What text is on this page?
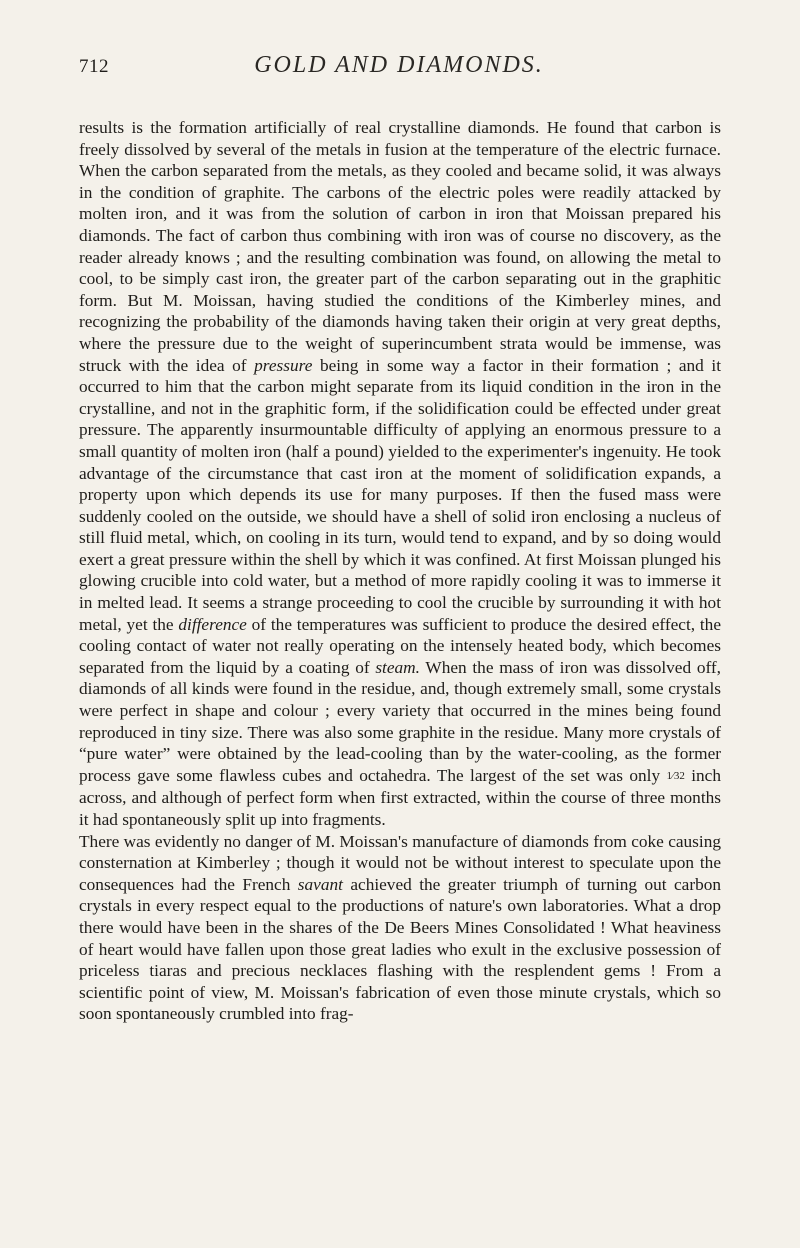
712	GOLD AND DIAMONDS.

results is the formation artificially of real crystalline diamonds. He found that carbon is freely dissolved by several of the metals in fusion at the temperature of the electric furnace. When the carbon separated from the metals, as they cooled and became solid, it was always in the condition of graphite. The carbons of the electric poles were readily attacked by molten iron, and it was from the solution of carbon in iron that Moissan prepared his diamonds. The fact of carbon thus combining with iron was of course no discovery, as the reader already knows ; and the resulting combination was found, on allowing the metal to cool, to be simply cast iron, the greater part of the carbon separating out in the graphitic form. But M. Moissan, having studied the conditions of the Kimberley mines, and recognizing the probability of the diamonds having taken their origin at very great depths, where the pressure due to the weight of superincumbent strata would be immense, was struck with the idea of pressure being in some way a factor in their formation ; and it occurred to him that the carbon might separate from its liquid condition in the iron in the crystalline, and not in the graphitic form, if the solidification could be effected under great pressure. The apparently insurmountable difficulty of applying an enormous pressure to a small quantity of molten iron (half a pound) yielded to the experimenter's ingenuity. He took advantage of the circumstance that cast iron at the moment of solidification expands, a property upon which depends its use for many purposes. If then the fused mass were suddenly cooled on the outside, we should have a shell of solid iron enclosing a nucleus of still fluid metal, which, on cooling in its turn, would tend to expand, and by so doing would exert a great pressure within the shell by which it was confined. At first Moissan plunged his glowing crucible into cold water, but a method of more rapidly cooling it was to immerse it in melted lead. It seems a strange proceeding to cool the crucible by surrounding it with hot metal, yet the difference of the temperatures was sufficient to produce the desired effect, the cooling contact of water not really operating on the intensely heated body, which becomes separated from the liquid by a coating of steam. When the mass of iron was dissolved off, diamonds of all kinds were found in the residue, and, though extremely small, some crystals were perfect in shape and colour ; every variety that occurred in the mines being found reproduced in tiny size. There was also some graphite in the residue. Many more crystals of “pure water” were obtained by the lead-cooling than by the water-cooling, as the former process gave some flawless cubes and octahedra. The largest of the set was only 1⁄32 inch across, and although of perfect form when first extracted, within the course of three months it had spontaneously split up into fragments.

There was evidently no danger of M. Moissan's manufacture of diamonds from coke causing consternation at Kimberley ; though it would not be without interest to speculate upon the consequences had the French savant achieved the greater triumph of turning out carbon crystals in every respect equal to the productions of nature's own laboratories. What a drop there would have been in the shares of the De Beers Mines Consolidated ! What heaviness of heart would have fallen upon those great ladies who exult in the exclusive possession of priceless tiaras and precious necklaces flashing with the resplendent gems ! From a scientific point of view, M. Moissan's fabrication of even those minute crystals, which so soon spontaneously crumbled into frag-
